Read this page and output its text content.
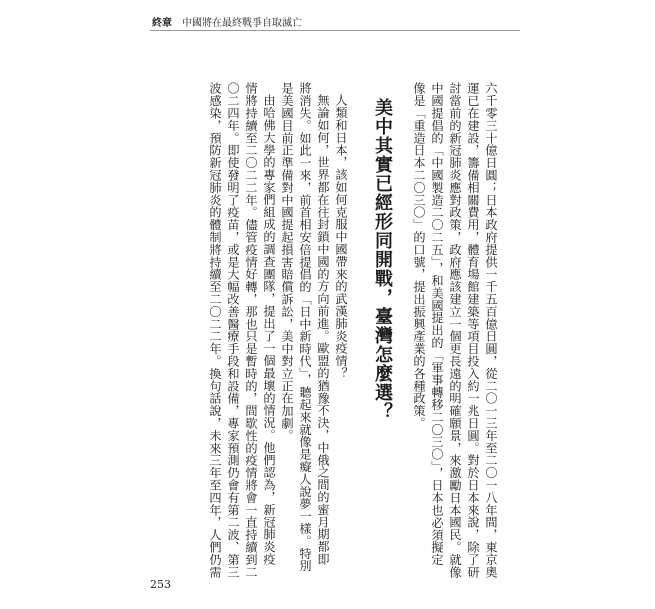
終章 中國將在最終戰爭自取滅亡
六千零三十億日圓；日本政府提供一千五百億日圓，從二〇一三年至二〇一八年間，東京奧
運已在建設，籌備相關費用，體育場館建築等項目投入約一兆日圓。對於日本來說，除了研
討當前的新冠肺炎應對政策，政府應該建立一個更長遠的明確願景，來激勵日本國民。就像
中國提倡的「中國製造二〇二五」，和美國提出的「軍事轉移二〇三〇」，日本也必須擬定
像是「重造日本二〇三〇」的口號，提出振興產業的各種政策。
美中其實已經形同開戰，臺灣怎麼選？
人類和日本，該如何克服中國帶來的武漢肺炎疫情？
無論如何，世界都在往封鎖中國的方向前進。歐盟的猶豫不決，中俄之間的蜜月期都即
將消失。如此一來，前首相安倍提倡的「日中新時代」，聽起來就像是癡人說夢一樣。特別
是美國目前正準備對中國提起損害賠償訴訟，美中對立正在加劇。
由哈佛大學的專家們組成的調查團隊，提出了一個最壞的情況。他們認為，新冠肺炎疫
情將持續至二〇二二年。儘管疫情好轉，那也只是暫時的，間歇性的疫情將會一直持續到二
〇二四年。即使發明了疫苗，或是大幅改善醫療手段和設備，專家預測仍會有第二波、第三
波感染，預防新冠肺炎的體制將持續至二〇二二年。換句話說，未來三年至四年，人們仍需
253
